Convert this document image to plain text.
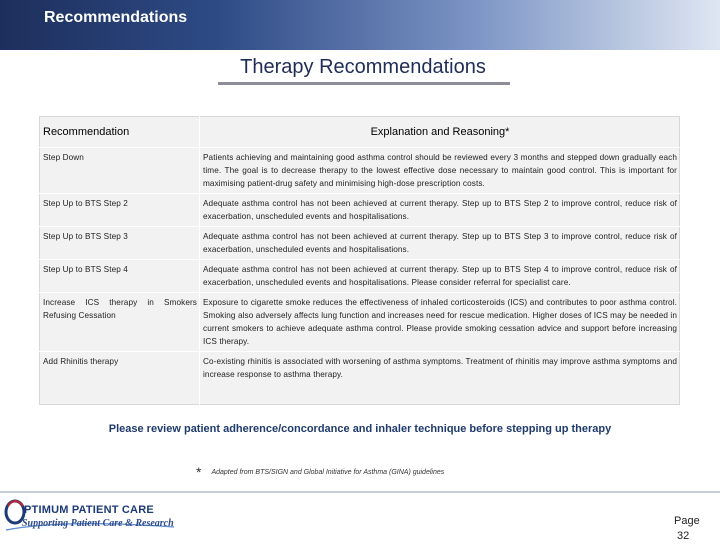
Recommendations
Therapy Recommendations
Recommendation	Explanation and Reasoning*
Step Down	Patients achieving and maintaining good asthma control should be reviewed every 3 months and stepped down gradually each time. The goal is to decrease therapy to the lowest effective dose necessary to maintain good control. This is important for maximising patient-drug safety and minimising high-dose prescription costs.
Step Up to BTS Step 2	Adequate asthma control has not been achieved at current therapy. Step up to BTS Step 2 to improve control, reduce risk of exacerbation, unscheduled events and hospitalisations.
Step Up to BTS Step 3	Adequate asthma control has not been achieved at current therapy. Step up to BTS Step 3 to improve control, reduce risk of exacerbation, unscheduled events and hospitalisations.
Step Up to BTS Step 4	Adequate asthma control has not been achieved at current therapy. Step up to BTS Step 4 to improve control, reduce risk of exacerbation, unscheduled events and hospitalisations. Please consider referral for specialist care.
Increase ICS therapy in Smokers Refusing Cessation	Exposure to cigarette smoke reduces the effectiveness of inhaled corticosteroids (ICS) and contributes to poor asthma control. Smoking also adversely affects lung function and increases need for rescue medication. Higher doses of ICS may be needed in current smokers to achieve adequate asthma control. Please provide smoking cessation advice and support before increasing ICS therapy.
Add Rhinitis therapy	Co-existing rhinitis is associated with worsening of asthma symptoms. Treatment of rhinitis may improve asthma symptoms and increase response to asthma therapy.
Please review patient adherence/concordance and inhaler technique before stepping up therapy
* Adapted from BTS/SIGN and Global Initiative for Asthma (GINA) guidelines
PTIMUM PATIENT CARE
Supporting Patient Care & Research	Page
32
